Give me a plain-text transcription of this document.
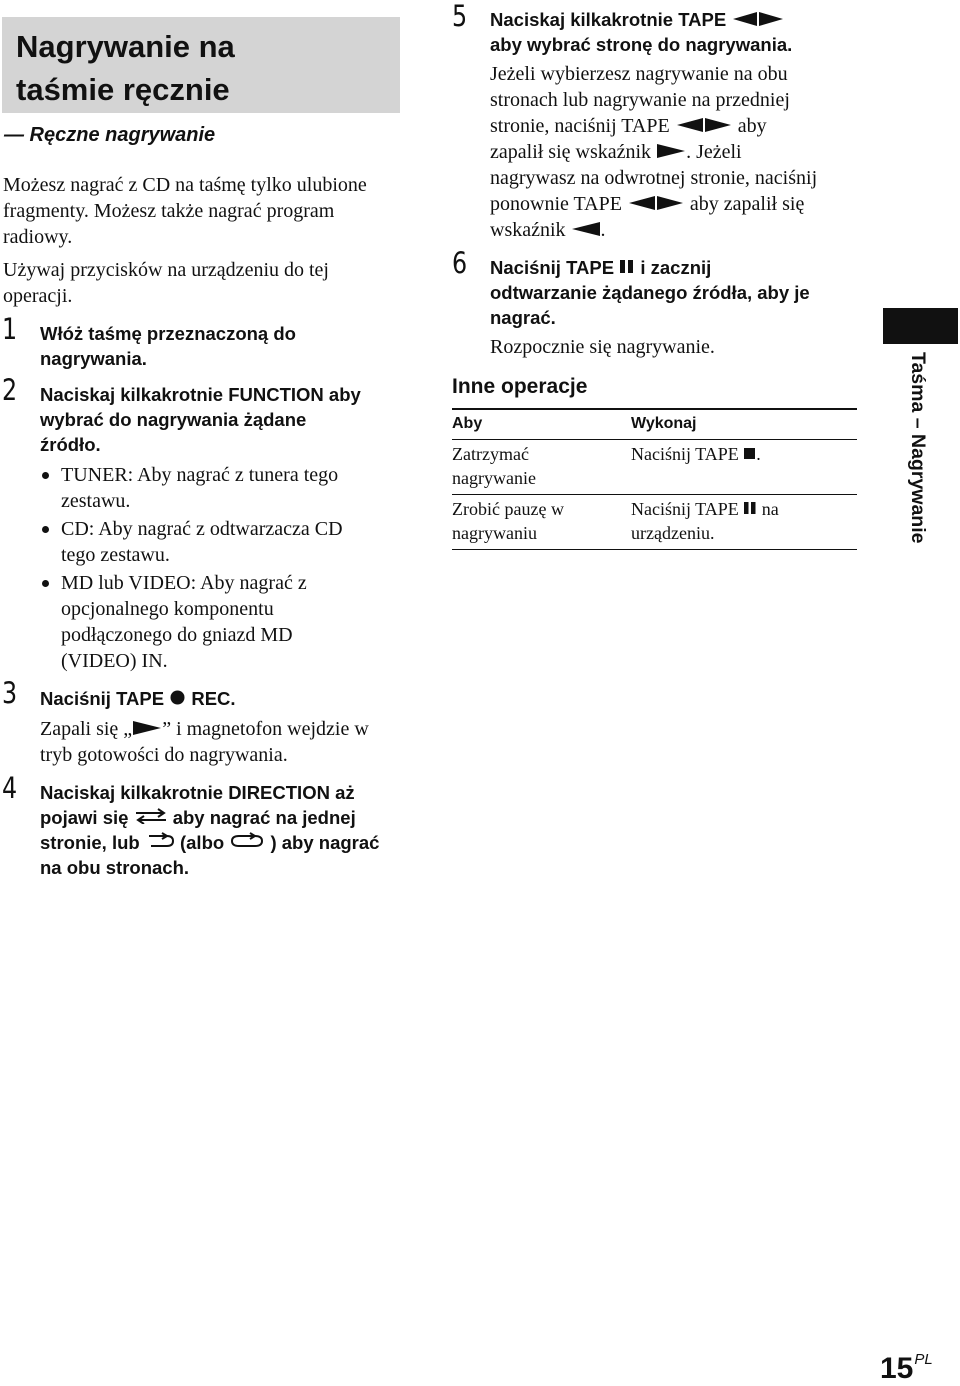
Nagrywanie na
taśmie ręcznie
— Ręczne nagrywanie

Możesz nagrać z CD na taśmę tylko ulubione
fragmenty. Możesz także nagrać program
radiowy.

Używaj przycisków na urządzeniu do tej
operacji.

1 Włóż taśmę przeznaczoną do
nagrywania.

2 Naciskaj kilkakrotnie FUNCTION aby
wybrać do nagrywania żądane
źródło.

TUNER: Aby nagrać z tunera tego
zestawu.
CD: Aby nagrać z odtwarzacza CD
tego zestawu.
MD lub VIDEO: Aby nagrać z
opcjonalnego komponentu
podłączonego do gniazd MD
(VIDEO) IN.
3 Naciśnij TAPE REC.

Zapali się „ ” i magnetofon wejdzie w
tryb gotowości do nagrywania.

4 Naciskaj kilkakrotnie DIRECTION aż
pojawi się aby nagrać na jednej
stronie, lub (albo	) aby nagrać
na obu stronach.

5 Naciskaj kilkakrotnie TAPE

aby wybrać stronę do nagrywania.

Jeżeli wybierzesz nagrywanie na obu
stronach lub nagrywanie na przedniej
stronie, naciśnij TAPE	aby
zapalił się wskaźnik . Jeżeli
nagrywasz na odwrotnej stronie, naciśnij
ponownie TAPE	aby zapalił się
wskaźnik .

6 Naciśnij TAPE i zacznij
odtwarzanie żądanego źródła, aby je
nagrać.

Rozpocznie się nagrywanie.

Inne operacje
Aby	Wykonaj
Zatrzymać
nagrywanie	Naciśnij TAPE .
Zrobić pauzę w
nagrywaniu	Naciśnij TAPE na
urządzeniu.	Taśma – Nagrywanie
$15^{PL}$
